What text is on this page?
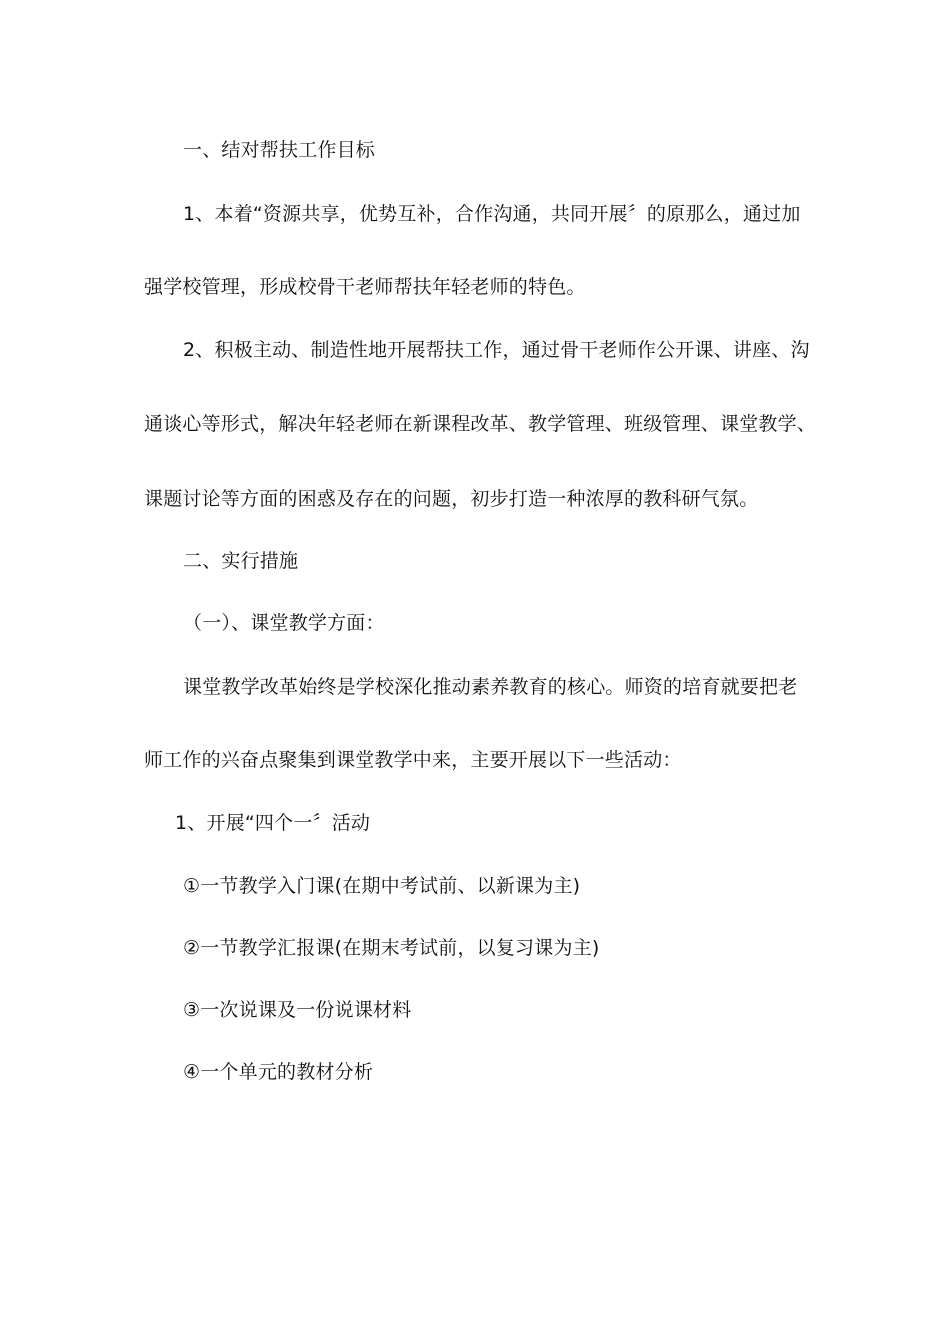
一、结对帮扶工作目标
1、本着“资源共享，优势互补，合作沟通，共同开展〞的原那么，通过加
强学校管理，形成校骨干老师帮扶年轻老师的特色。
2、积极主动、制造性地开展帮扶工作，通过骨干老师作公开课、讲座、沟
通谈心等形式，解决年轻老师在新课程改革、教学管理、班级管理、课堂教学、
课题讨论等方面的困惑及存在的问题，初步打造一种浓厚的教科研气氛。
二、实行措施
（一）、课堂教学方面：
课堂教学改革始终是学校深化推动素养教育的核心。师资的培育就要把老
师工作的兴奋点聚集到课堂教学中来，主要开展以下一些活动：
1、开展“四个一〞活动
①一节教学入门课(在期中考试前、以新课为主)
②一节教学汇报课(在期末考试前，以复习课为主)
③一次说课及一份说课材料
④一个单元的教材分析
